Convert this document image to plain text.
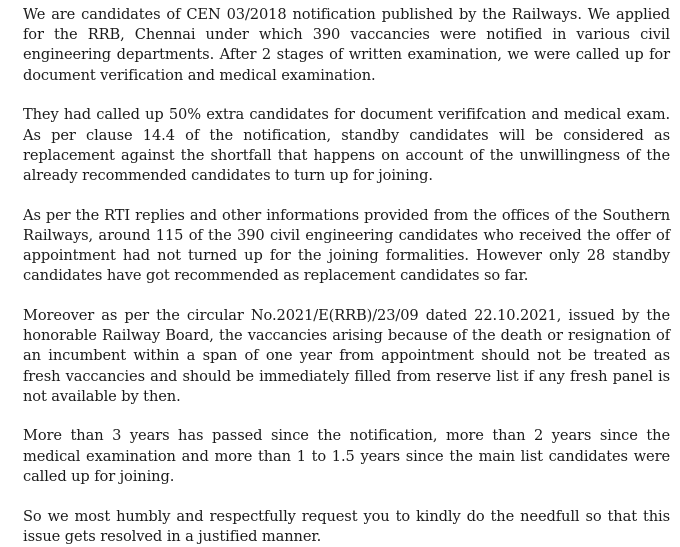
We are candidates of CEN 03/2018 notification published by the Railways. We applied for the RRB, Chennai under which 390 vaccancies were notified in various civil engineering departments. After 2 stages of written examination, we were called up for document verification and medical examination.

They had called up 50% extra candidates for document verififcation and medical exam. As per clause 14.4 of the notification, standby candidates will be considered as replacement against the shortfall that happens on account of the unwillingness of the already recommended candidates to turn up for joining.

As per the RTI replies and other informations provided from the offices of the Southern Railways, around 115 of the 390 civil engineering candidates who received the offer of appointment had not turned up for the joining formalities. However only 28 standby candidates have got recommended as replacement candidates so far.

Moreover as per the circular No.2021/E(RRB)/23/09 dated 22.10.2021, issued by the honorable Railway Board, the vaccancies arising because of the death or resignation of an incumbent within a span of one year from appointment should not be treated as fresh vaccancies and should be immediately filled from reserve list if any fresh panel is not available by then.

More than 3 years has passed since the notification, more than 2 years since the medical examination and more than 1 to 1.5 years since the main list candidates were called up for joining.

So we most humbly and respectfully request you to kindly do the needfull so that this issue gets resolved in a justified manner.
